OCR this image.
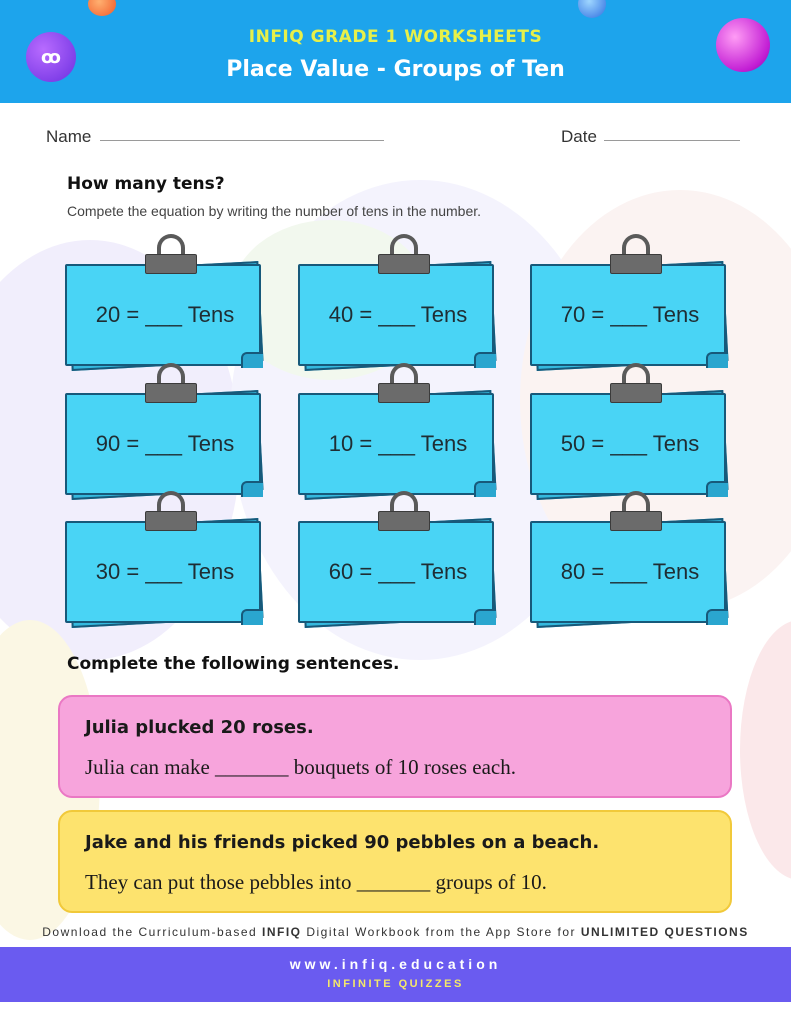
ꝏ
INFIQ GRADE 1 WORKSHEETS
Place Value - Groups of Ten
Name	Date
How many tens?
Compete the equation by writing the number of tens in the number.
20 = ___ Tens	40 = ___ Tens	70 = ___ Tens
90 = ___ Tens	10 = ___ Tens	50 = ___ Tens
30 = ___ Tens	60 = ___ Tens	80 = ___ Tens
Complete the following sentences.
Julia plucked 20 roses.
Julia can make _______ bouquets of 10 roses each.
Jake and his friends picked 90 pebbles on a beach.
They can put those pebbles into _______ groups of 10.
Download the Curriculum-based INFIQ Digital Workbook from the App Store for UNLIMITED QUESTIONS
www.infiq.education
INFINITE QUIZZES
